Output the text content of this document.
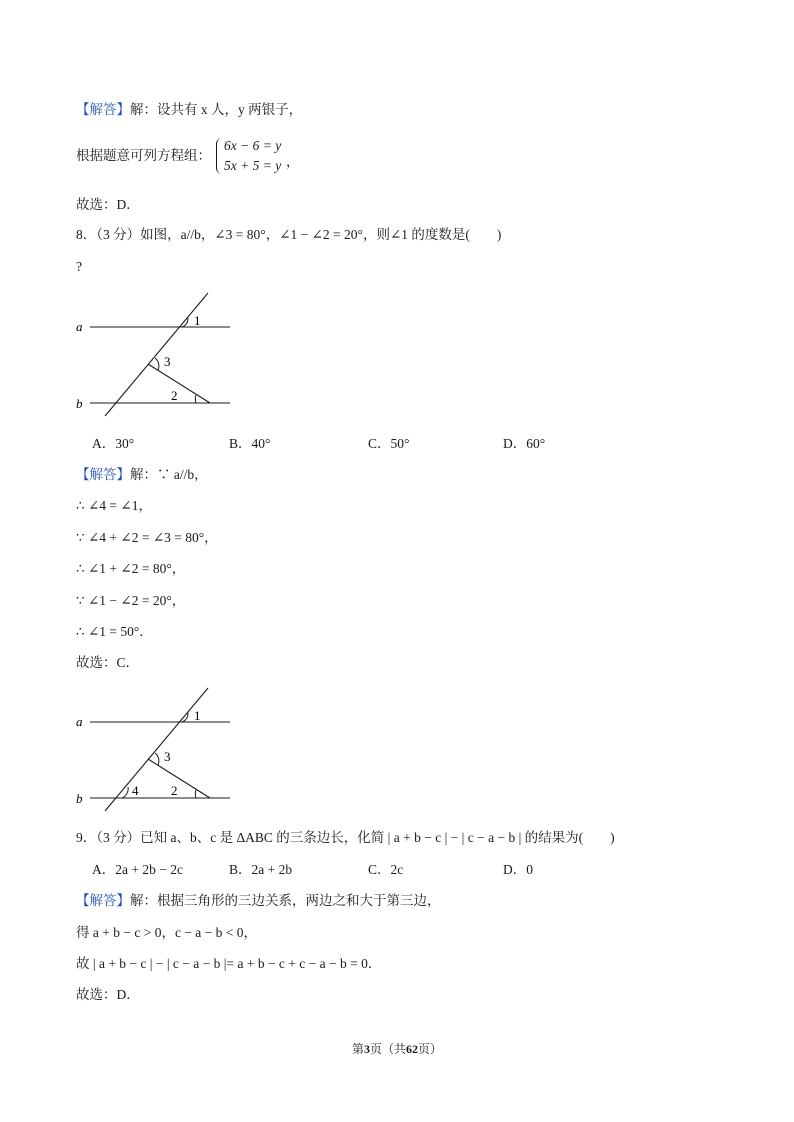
【解答】解：设共有 x 人，y 两银子，
根据题意可列方程组：
6x − 6 = y
5x + 5 = y ，
故选：D．
8．（3 分）如图，a//b，∠3 = 80°，∠1 − ∠2 = 20°，则∠1 的度数是(　　)
?
a
b
1
3
2
A．30°	B．40°	C．50°	D．60°
【解答】解：∵ a//b，
∴ ∠4 = ∠1，
∵ ∠4 + ∠2 = ∠3 = 80°，
∴ ∠1 + ∠2 = 80°，
∵ ∠1 − ∠2 = 20°，
∴ ∠1 = 50°．
故选：C．
a
b
1
3
2
4
9．（3 分）已知 a、b、c 是 ΔABC 的三条边长，化简 | a + b − c | − | c − a − b | 的结果为(　　)
A．2a + 2b − 2c	B．2a + 2b	C．2c	D．0
【解答】解：根据三角形的三边关系，两边之和大于第三边，
得 a + b − c > 0，c − a − b < 0，
故 | a + b − c | − | c − a − b |= a + b − c + c − a − b = 0．
故选：D．
第3页（共62页）
